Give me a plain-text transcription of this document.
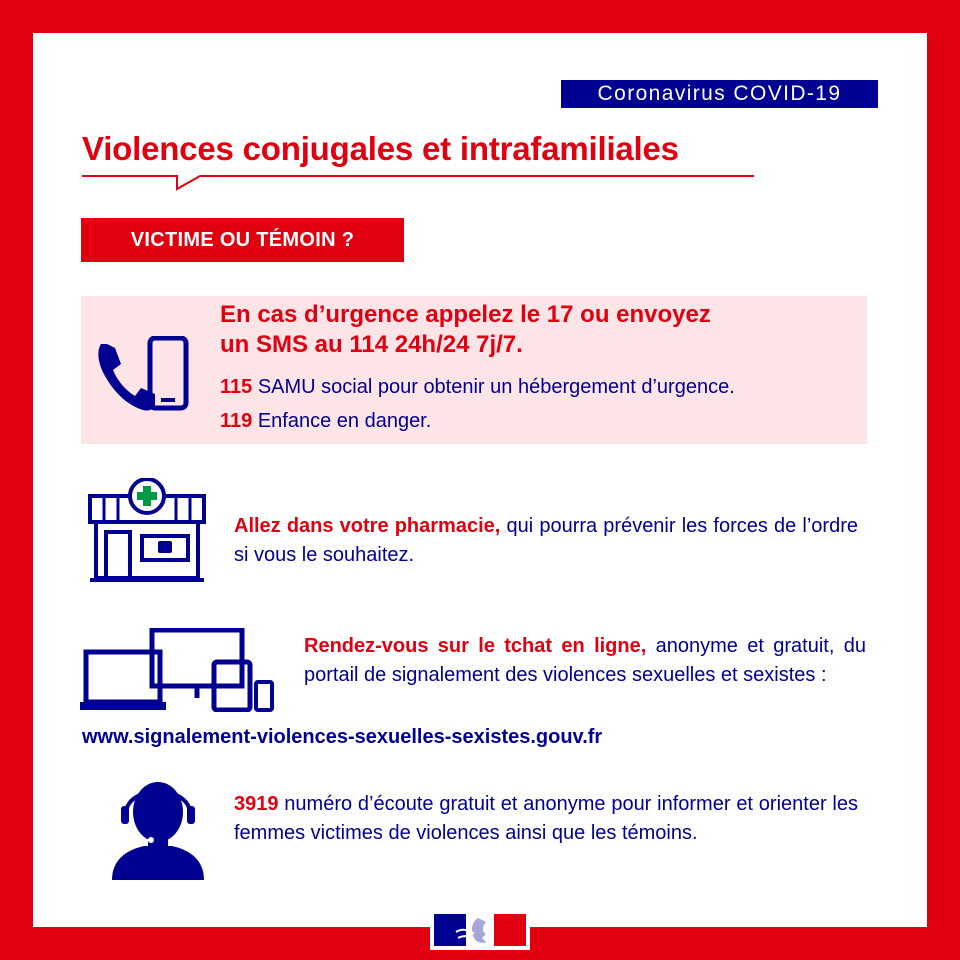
Coronavirus COVID-19
Violences conjugales et intrafamiliales
VICTIME OU TÉMOIN ?
En cas d’urgence appelez le 17 ou envoyez
un SMS au 114 24h/24 7j/7.
115 SAMU social pour obtenir un hébergement d’urgence.
119 Enfance en danger.
Allez dans votre pharmacie, qui pourra prévenir les forces de l’ordre si vous le souhaitez.
Rendez-vous sur le tchat en ligne, anonyme et gratuit, du portail de signalement des violences sexuelles et sexistes :
www.signalement-violences-sexuelles-sexistes.gouv.fr
3919 numéro d’écoute gratuit et anonyme pour informer et orienter les femmes victimes de violences ainsi que les témoins.
